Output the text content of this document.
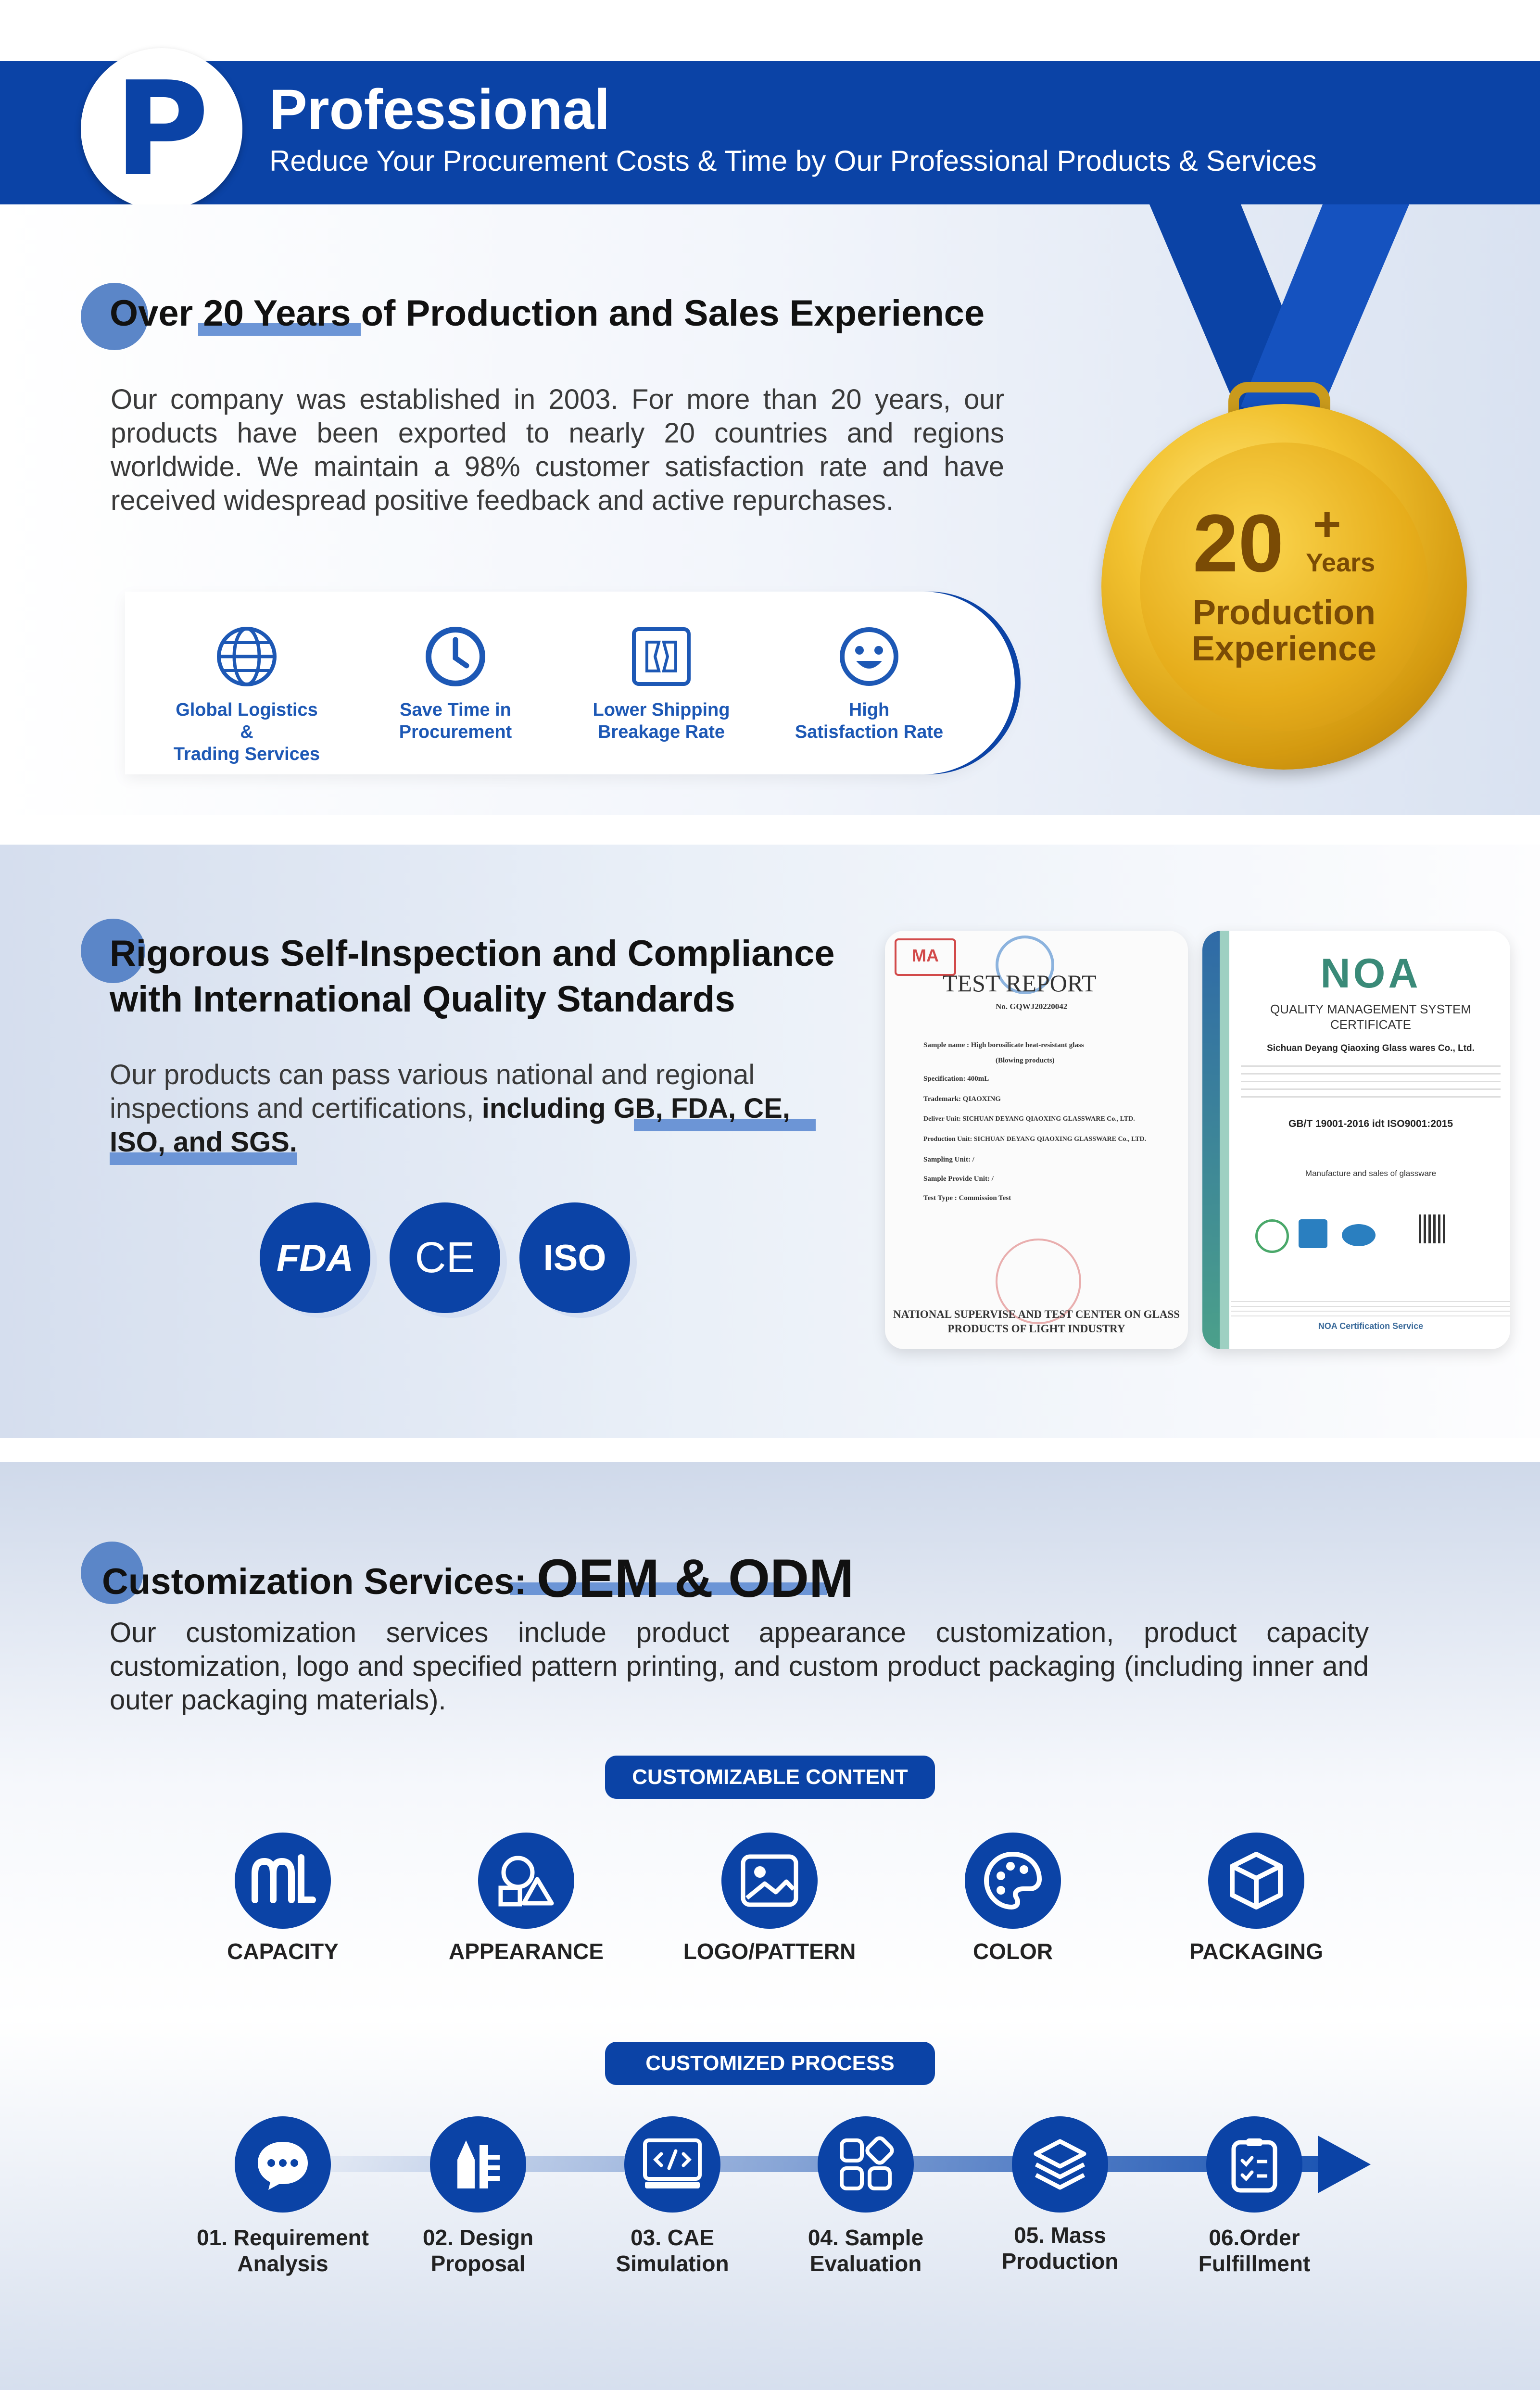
P	Professional
Reduce Your Procurement Costs & Time by Our Professional Products & Services
20 +
Years
Production
Experience
Over 20 Years of Production and Sales Experience
Our company was established in 2003. For more than 20 years, our products have been exported to nearly 20 countries and regions worldwide. We maintain a 98% customer satisfaction rate and have received widespread positive feedback and active repurchases.
Global Logistics &
Trading Services
Save Time in
Procurement
Lower Shipping
Breakage Rate
High
Satisfaction Rate
Rigorous Self-Inspection and Compliance
with International Quality Standards
Our products can pass various national and regional inspections and certifications, including GB, FDA, CE, ISO, and SGS.
FDA	CE	ISO
MA
TEST REPORT
No. GQWJ20220042
Sample name : High borosilicate heat-resistant glass
(Blowing products)
Specification: 400mL
Trademark: QIAOXING
Deliver Unit: SICHUAN DEYANG QIAOXING GLASSWARE Co., LTD.
Production Unit: SICHUAN DEYANG QIAOXING GLASSWARE Co., LTD.
Sampling Unit: /
Sample Provide Unit: /
Test Type : Commission Test
NATIONAL SUPERVISE AND TEST CENTER ON GLASS
PRODUCTS OF LIGHT INDUSTRY
NOA
QUALITY MANAGEMENT SYSTEM
CERTIFICATE
Sichuan Deyang Qiaoxing Glass wares Co., Ltd.
GB/T 19001-2016 idt ISO9001:2015
Manufacture and sales of glassware
NOA Certification Service
Customization Services: OEM & ODM
Our customization services include product appearance customization, product capacity customization, logo and specified pattern printing, and custom product packaging (including inner and outer packaging materials).
CUSTOMIZABLE CONTENT
CAPACITY	APPEARANCE	LOGO/PATTERN	COLOR	PACKAGING
CUSTOMIZED PROCESS
01. Requirement
Analysis
02. Design
Proposal
03. CAE
Simulation
04. Sample
Evaluation
05. Mass
Production
06.Order
Fulfillment
